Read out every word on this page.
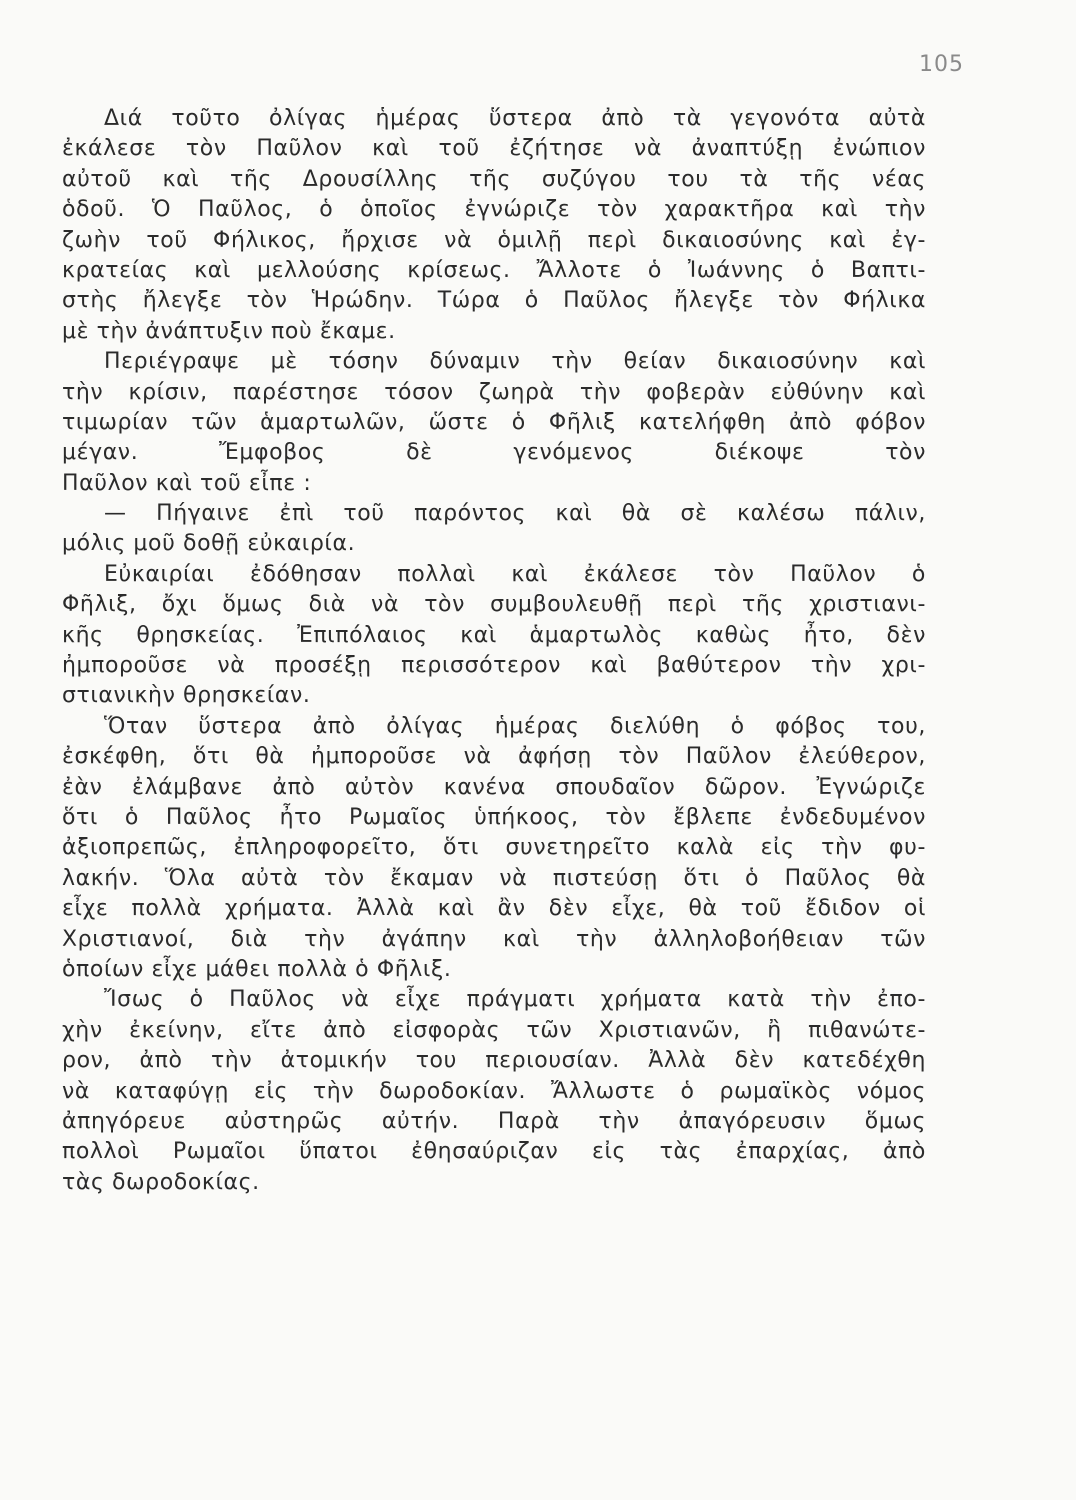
105
Διά τοῦτο ὀλίγας ἡμέρας ὕστερα ἀπὸ τὰ γεγονότα αὐτὰ
ἐκάλεσε τὸν Παῦλον καὶ τοῦ ἐζήτησε νὰ ἀναπτύξῃ ἐνώπιον
αὐτοῦ καὶ τῆς Δρουσίλλης τῆς συζύγου του τὰ τῆς νέας
ὁδοῦ. Ὁ Παῦλος, ὁ ὁποῖος ἐγνώριζε τὸν χαρακτῆρα καὶ τὴν
ζωὴν τοῦ Φήλικος, ἤρχισε νὰ ὁμιλῇ περὶ δικαιοσύνης καὶ ἐγ-
κρατείας καὶ μελλούσης κρίσεως. Ἄλλοτε ὁ Ἰωάννης ὁ Βαπτι-
στὴς ἤλεγξε τὸν Ἡρώδην. Τώρα ὁ Παῦλος ἤλεγξε τὸν Φήλικα
μὲ τὴν ἀνάπτυξιν ποὺ ἔκαμε.
Περιέγραψε μὲ τόσην δύναμιν τὴν θείαν δικαιοσύνην καὶ
τὴν κρίσιν, παρέστησε τόσον ζωηρὰ τὴν φοβερὰν εὐθύνην καὶ
τιμωρίαν τῶν ἁμαρτωλῶν, ὥστε ὁ Φῆλιξ κατελήφθη ἀπὸ φόβον
μέγαν. Ἔμφοβος δὲ γενόμενος διέκοψε τὸν
Παῦλον καὶ τοῦ εἶπε :
— Πήγαινε ἐπὶ τοῦ παρόντος καὶ θὰ σὲ καλέσω πάλιν,
μόλις μοῦ δοθῇ εὐκαιρία.
Εὐκαιρίαι ἐδόθησαν πολλαὶ καὶ ἐκάλεσε τὸν Παῦλον ὁ
Φῆλιξ, ὄχι ὅμως διὰ νὰ τὸν συμβουλευθῇ περὶ τῆς χριστιανι-
κῆς θρησκείας. Ἐπιπόλαιος καὶ ἁμαρτωλὸς καθὼς ἦτο, δὲν
ἠμποροῦσε νὰ προσέξῃ περισσότερον καὶ βαθύτερον τὴν χρι-
στιανικὴν θρησκείαν.
Ὅταν ὕστερα ἀπὸ ὀλίγας ἡμέρας διελύθη ὁ φόβος του,
ἐσκέφθη, ὅτι θὰ ἠμποροῦσε νὰ ἀφήσῃ τὸν Παῦλον ἐλεύθερον,
ἐὰν ἐλάμβανε ἀπὸ αὐτὸν κανένα σπουδαῖον δῶρον. Ἐγνώριζε
ὅτι ὁ Παῦλος ἦτο Ρωμαῖος ὑπήκοος, τὸν ἔβλεπε ἐνδεδυμένον
ἀξιοπρεπῶς, ἐπληροφορεῖτο, ὅτι συνετηρεῖτο καλὰ εἰς τὴν φυ-
λακήν. Ὅλα αὐτὰ τὸν ἔκαμαν νὰ πιστεύσῃ ὅτι ὁ Παῦλος θὰ
εἶχε πολλὰ χρήματα. Ἀλλὰ καὶ ἂν δὲν εἶχε, θὰ τοῦ ἔδιδον οἱ
Χριστιανοί, διὰ τὴν ἀγάπην καὶ τὴν ἀλληλοβοήθειαν τῶν
ὁποίων εἶχε μάθει πολλὰ ὁ Φῆλιξ.
Ἴσως ὁ Παῦλος νὰ εἶχε πράγματι χρήματα κατὰ τὴν ἐπο-
χὴν ἐκείνην, εἴτε ἀπὸ εἰσφορὰς τῶν Χριστιανῶν, ἢ πιθανώτε-
ρον, ἀπὸ τὴν ἀτομικήν του περιουσίαν. Ἀλλὰ δὲν κατεδέχθη
νὰ καταφύγῃ εἰς τὴν δωροδοκίαν. Ἄλλωστε ὁ ρωμαϊκὸς νόμος
ἀπηγόρευε αὐστηρῶς αὐτήν. Παρὰ τὴν ἀπαγόρευσιν ὅμως
πολλοὶ Ρωμαῖοι ὕπατοι ἐθησαύριζαν εἰς τὰς ἐπαρχίας, ἀπὸ
τὰς δωροδοκίας.
